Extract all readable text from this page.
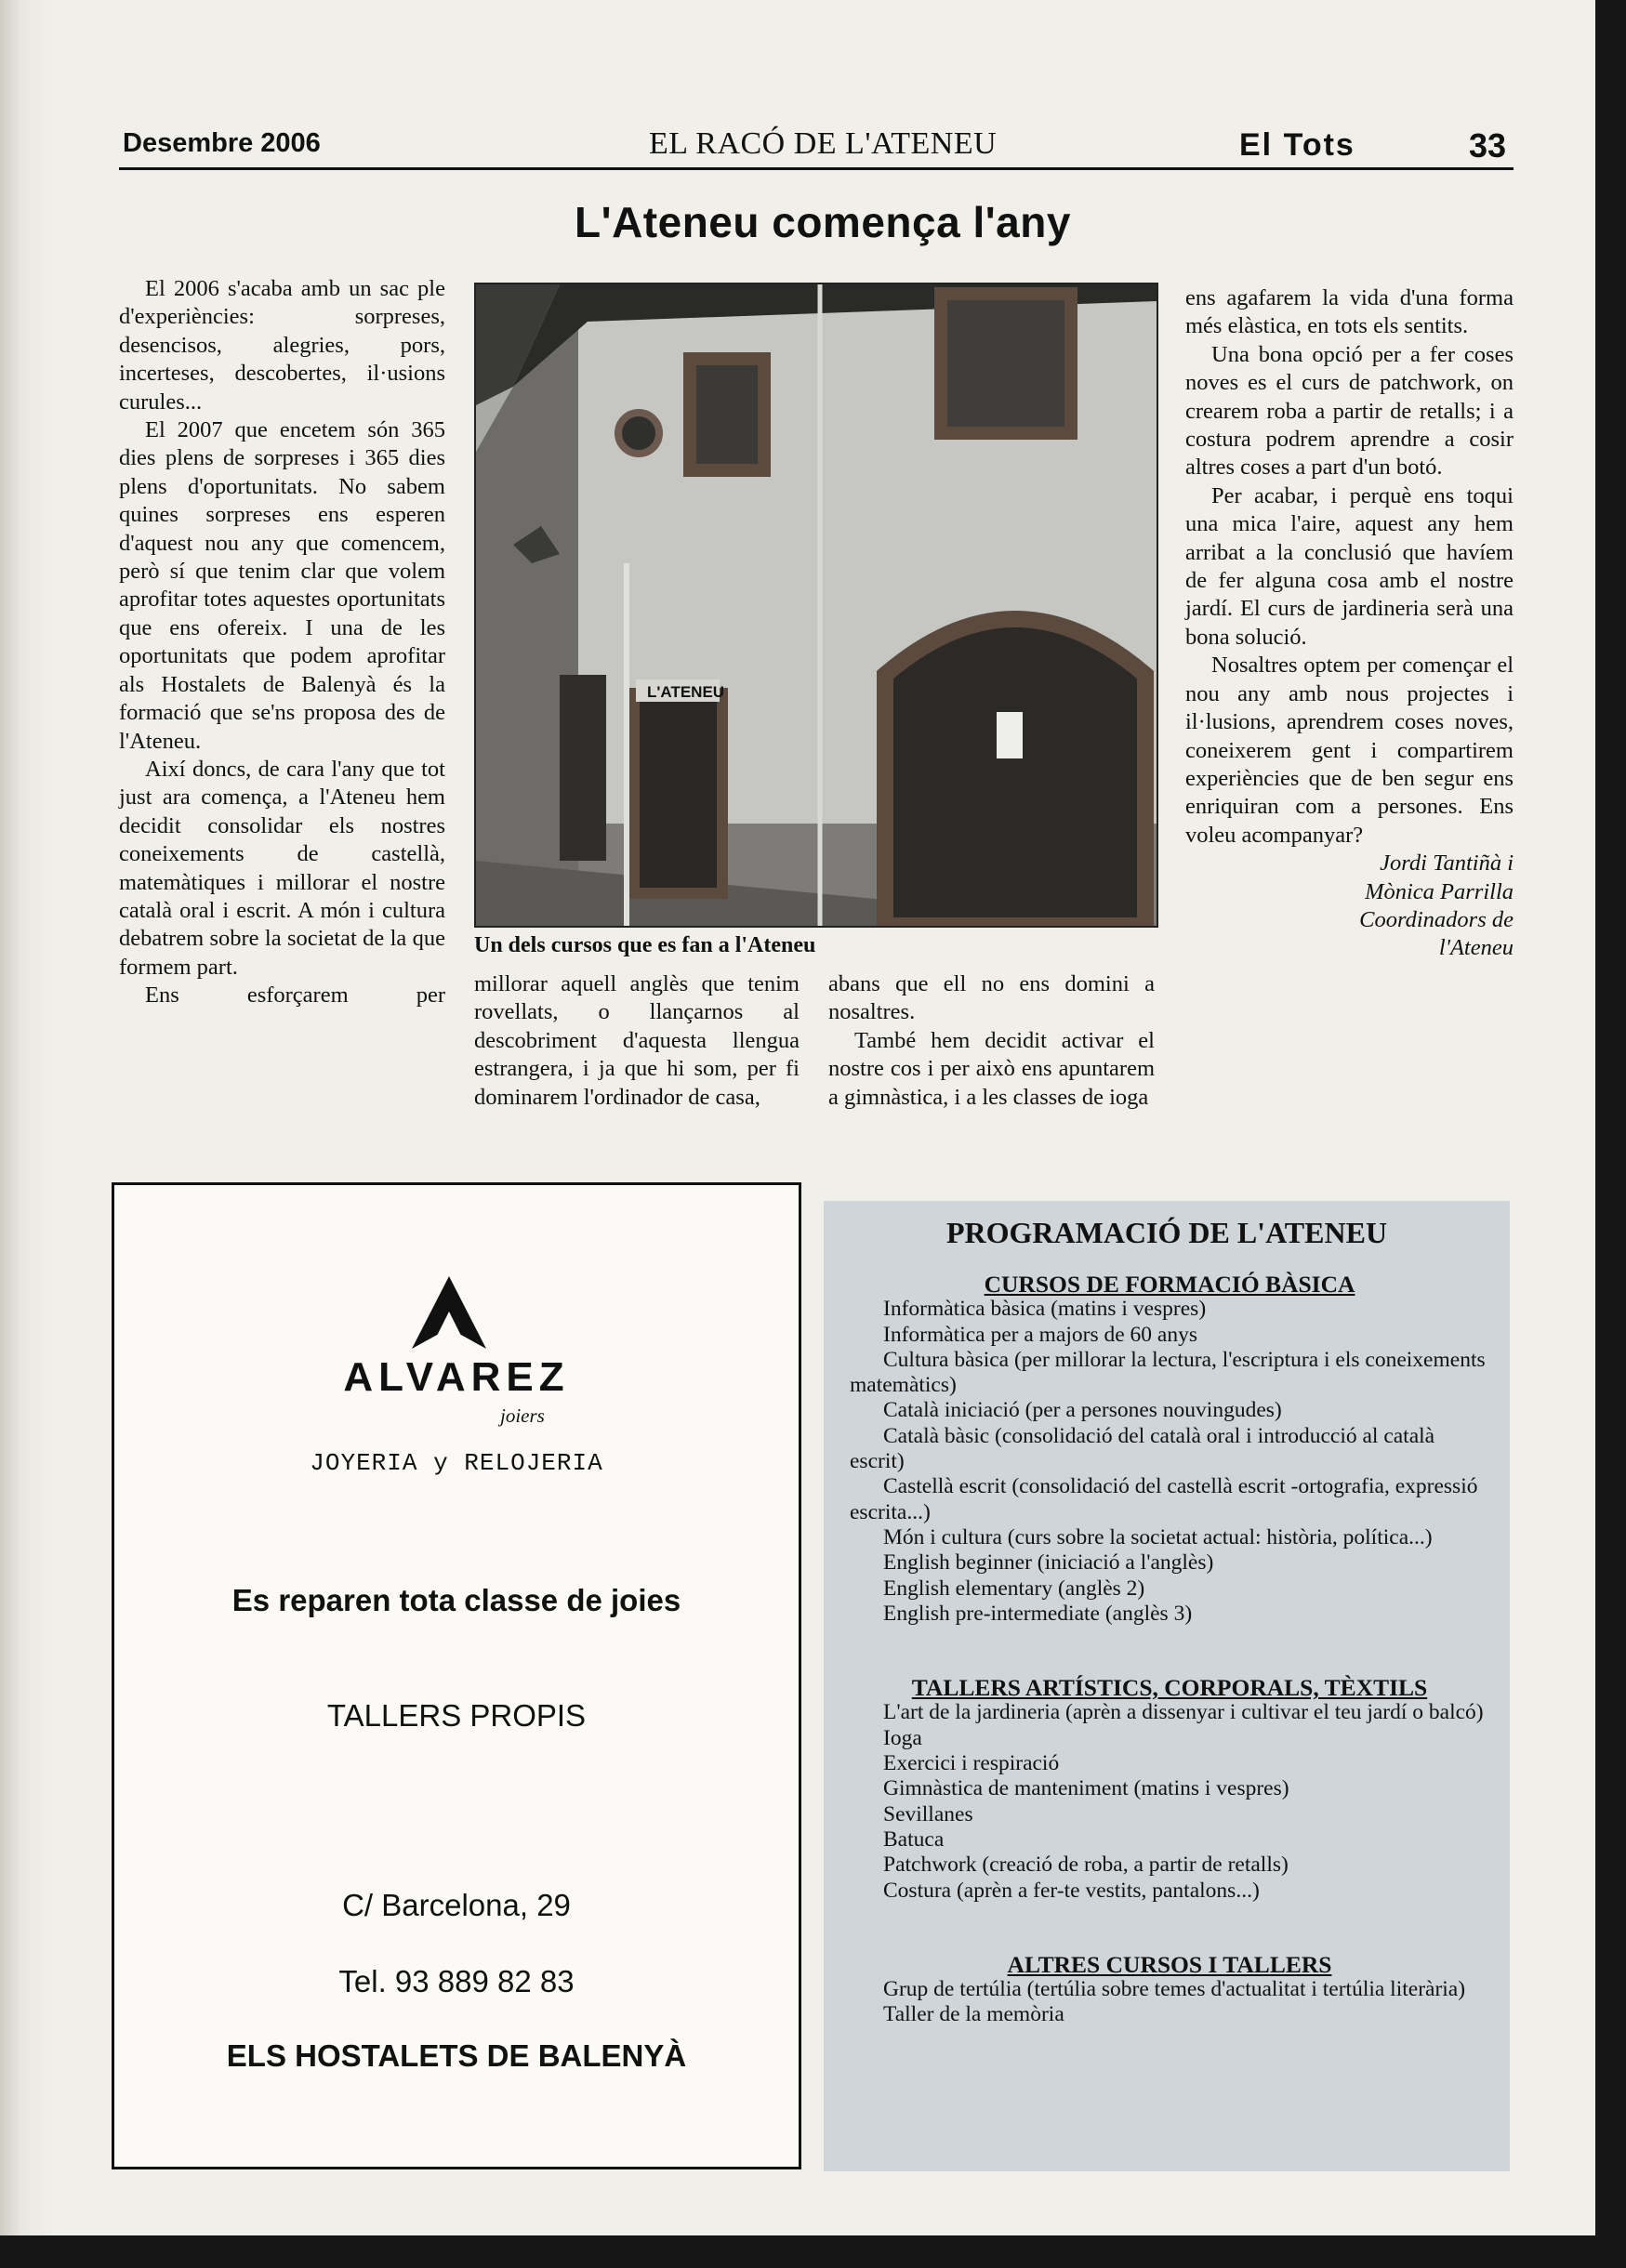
Desembre 2006	EL RACÓ DE L'ATENEU	El Tots	33
L'Ateneu comença l'any

El 2006 s'acaba amb un sac ple d'experiències: sorpreses, desencisos, alegries, pors, incerteses, descobertes, il·usions curules...

El 2007 que encetem són 365 dies plens de sorpreses i 365 dies plens d'oportunitats. No sabem quines sorpreses ens esperen d'aquest nou any que comencem, però sí que tenim clar que volem aprofitar totes aquestes oportunitats que ens ofereix. I una de les oportunitats que podem aprofitar als Hostalets de Balenyà és la formació que se'ns proposa des de l'Ateneu.

Així doncs, de cara l'any que tot just ara comença, a l'Ateneu hem decidit consolidar els nostres coneixements de castellà, matemàtiques i millorar el nostre català oral i escrit. A món i cultura debatrem sobre la societat de la que formem part.

Ens esforçarem per

L'ATENEU
Un dels cursos que es fan a l'Ateneu

millorar aquell anglès que tenim rovellats, o llançarnos al descobriment d'aquesta llengua estrangera, i ja que hi som, per fi dominarem l'ordinador de casa,

abans que ell no ens domini a nosaltres.

També hem decidit activar el nostre cos i per això ens apuntarem a gimnàstica, i a les classes de ioga

ens agafarem la vida d'una forma més elàstica, en tots els sentits.

Una bona opció per a fer coses noves es el curs de patchwork, on crearem roba a partir de retalls; i a costura podrem aprendre a cosir altres coses a part d'un botó.

Per acabar, i perquè ens toqui una mica l'aire, aquest any hem arribat a la conclusió que havíem de fer alguna cosa amb el nostre jardí. El curs de jardineria serà una bona solució.

Nosaltres optem per començar el nou any amb nous projectes i il·lusions, aprendrem coses noves, coneixerem gent i compartirem experiències que de ben segur ens enriquiran com a persones. Ens voleu acompanyar?

Jordi Tantiñà i

Mònica Parrilla

Coordinadors de

l'Ateneu

ALVAREZ
joiers
JOYERIA y RELOJERIA
Es reparen tota classe de joies
TALLERS PROPIS
C/ Barcelona, 29
Tel. 93 889 82 83
ELS HOSTALETS DE BALENYÀ
PROGRAMACIÓ DE L'ATENEU

CURSOS DE FORMACIÓ BÀSICA

Informàtica bàsica (matins i vespres)

Informàtica per a majors de 60 anys

Cultura bàsica (per millorar la lectura, l'escriptura i els coneixements matemàtics)

Català iniciació (per a persones nouvingudes)

Català bàsic (consolidació del català oral i introducció al català escrit)

Castellà escrit (consolidació del castellà escrit -ortografia, expressió escrita...)

Món i cultura (curs sobre la societat actual: història, política...)

English beginner (iniciació a l'anglès)

English elementary (anglès 2)

English pre-intermediate (anglès 3)

TALLERS ARTÍSTICS, CORPORALS, TÈXTILS

L'art de la jardineria (aprèn a dissenyar i cultivar el teu jardí o balcó)

Ioga

Exercici i respiració

Gimnàstica de manteniment (matins i vespres)

Sevillanes

Batuca

Patchwork (creació de roba, a partir de retalls)

Costura (aprèn a fer-te vestits, pantalons...)

ALTRES CURSOS I TALLERS

Grup de tertúlia (tertúlia sobre temes d'actualitat i tertúlia literària)

Taller de la memòria
